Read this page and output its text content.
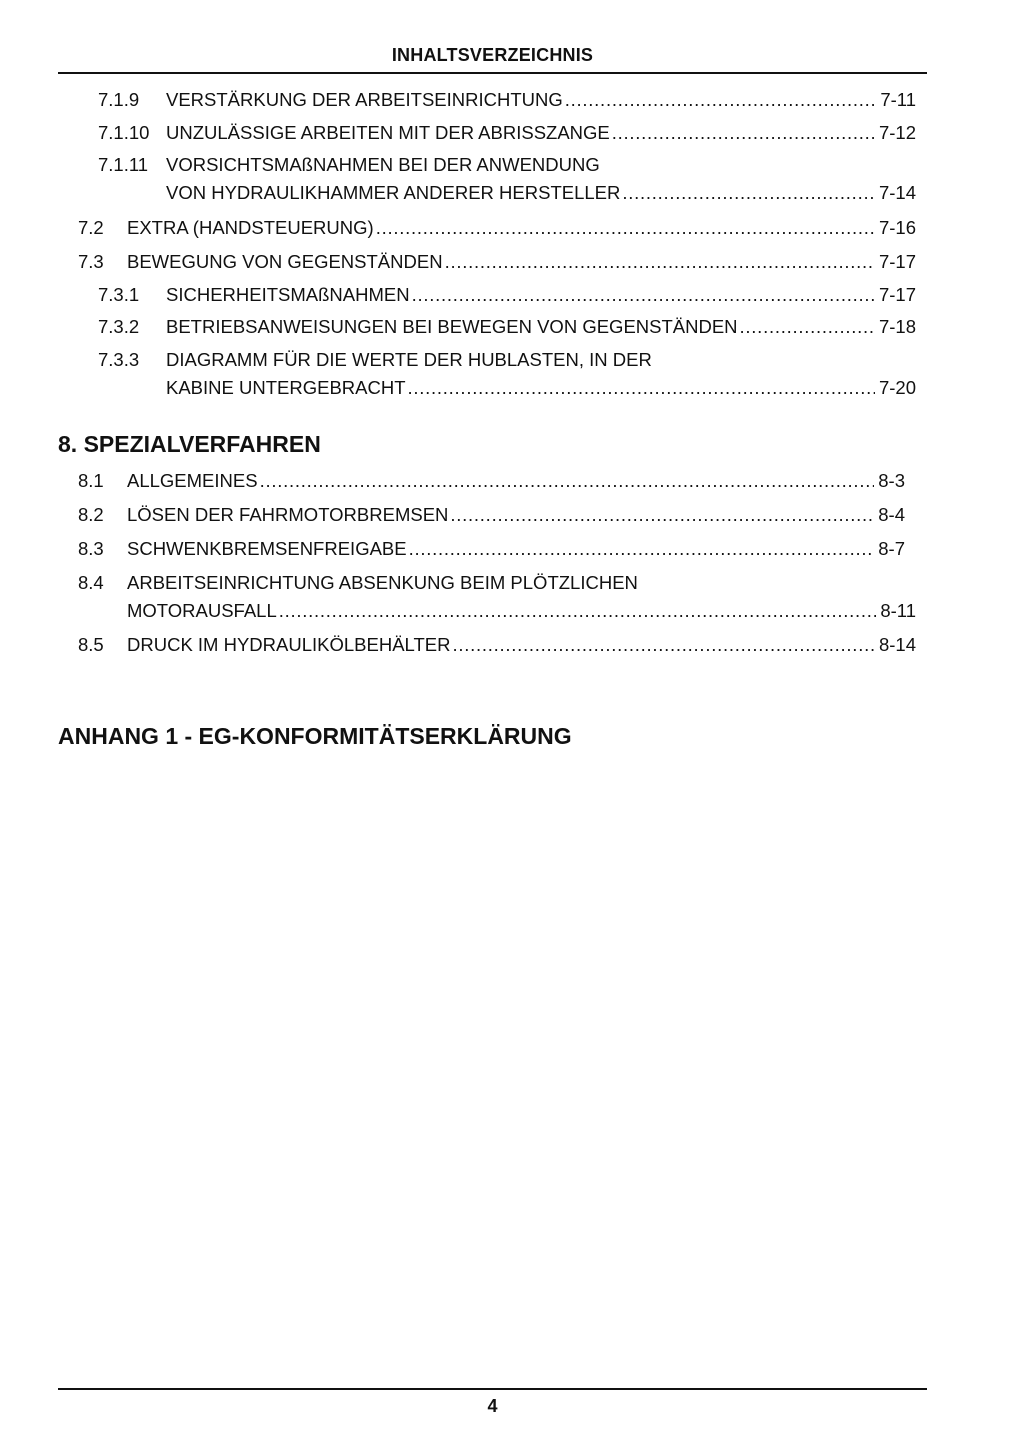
INHALTSVERZEICHNIS
7.1.9 VERSTÄRKUNG DER ARBEITSEINRICHTUNG . . .	7-11
7.1.10 UNZULÄSSIGE ARBEITEN MIT DER ABRISSZANGE . . .	7-12
7.1.11 VORSICHTSMAßNAHMEN BEI DER ANWENDUNG
VON HYDRAULIKHAMMER ANDERER HERSTELLER . . .	7-14
7.2 EXTRA (HANDSTEUERUNG) . . .	7-16
7.3 BEWEGUNG VON GEGENSTÄNDEN . . .	7-17
7.3.1 SICHERHEITSMAßNAHMEN . . .	7-17
7.3.2 BETRIEBSANWEISUNGEN BEI BEWEGEN VON GEGENSTÄNDEN . . .	7-18
7.3.3 DIAGRAMM FÜR DIE WERTE DER HUBLASTEN, IN DER
KABINE UNTERGEBRACHT . . .	7-20
8. SPEZIALVERFAHREN
8.1 ALLGEMEINES . . .	8-3
8.2 LÖSEN DER FAHRMOTORBREMSEN . . .	8-4
8.3 SCHWENKBREMSENFREIGABE . . .	8-7
8.4 ARBEITSEINRICHTUNG ABSENKUNG BEIM PLÖTZLICHEN
MOTORAUSFALL . . .	8-11
8.5 DRUCK IM HYDRAULIKÖLBEHÄLTER . . .	8-14
ANHANG 1 - EG-KONFORMITÄTSERKLÄRUNG
4
